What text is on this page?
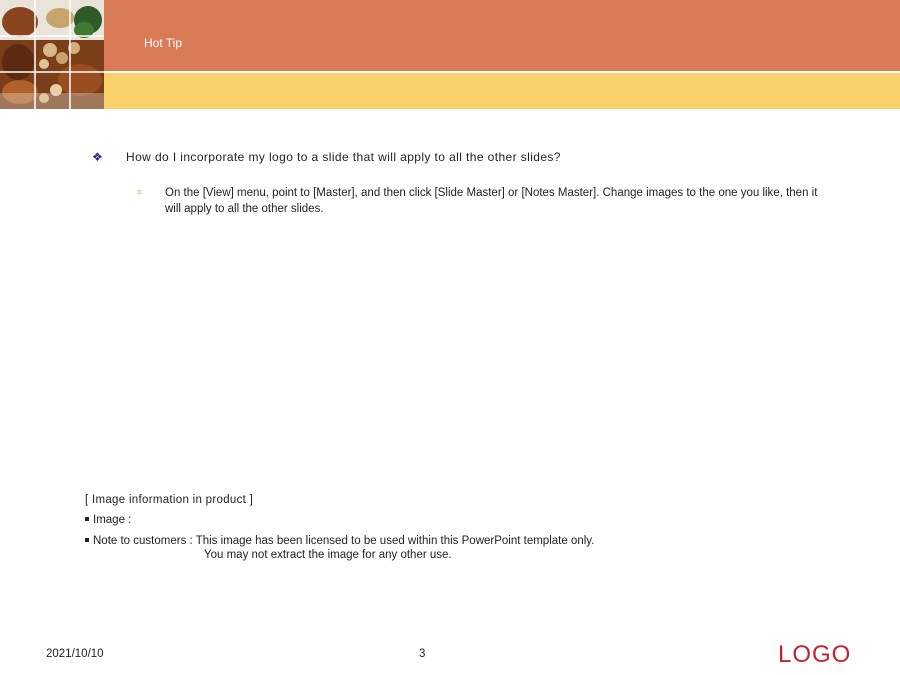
Hot Tip
❖ How do I incorporate my logo to a slide that will apply to all the other slides?
¤ On the [View] menu, point to [Master], and then click [Slide Master] or [Notes Master]. Change images to the one you like, then it will apply to all the other slides.
[ Image information in product ]
Image :
Note to customers : This image has been licensed to be used within this PowerPoint template only.
You may not extract the image for any other use.
2021/10/10	3	LOGO
